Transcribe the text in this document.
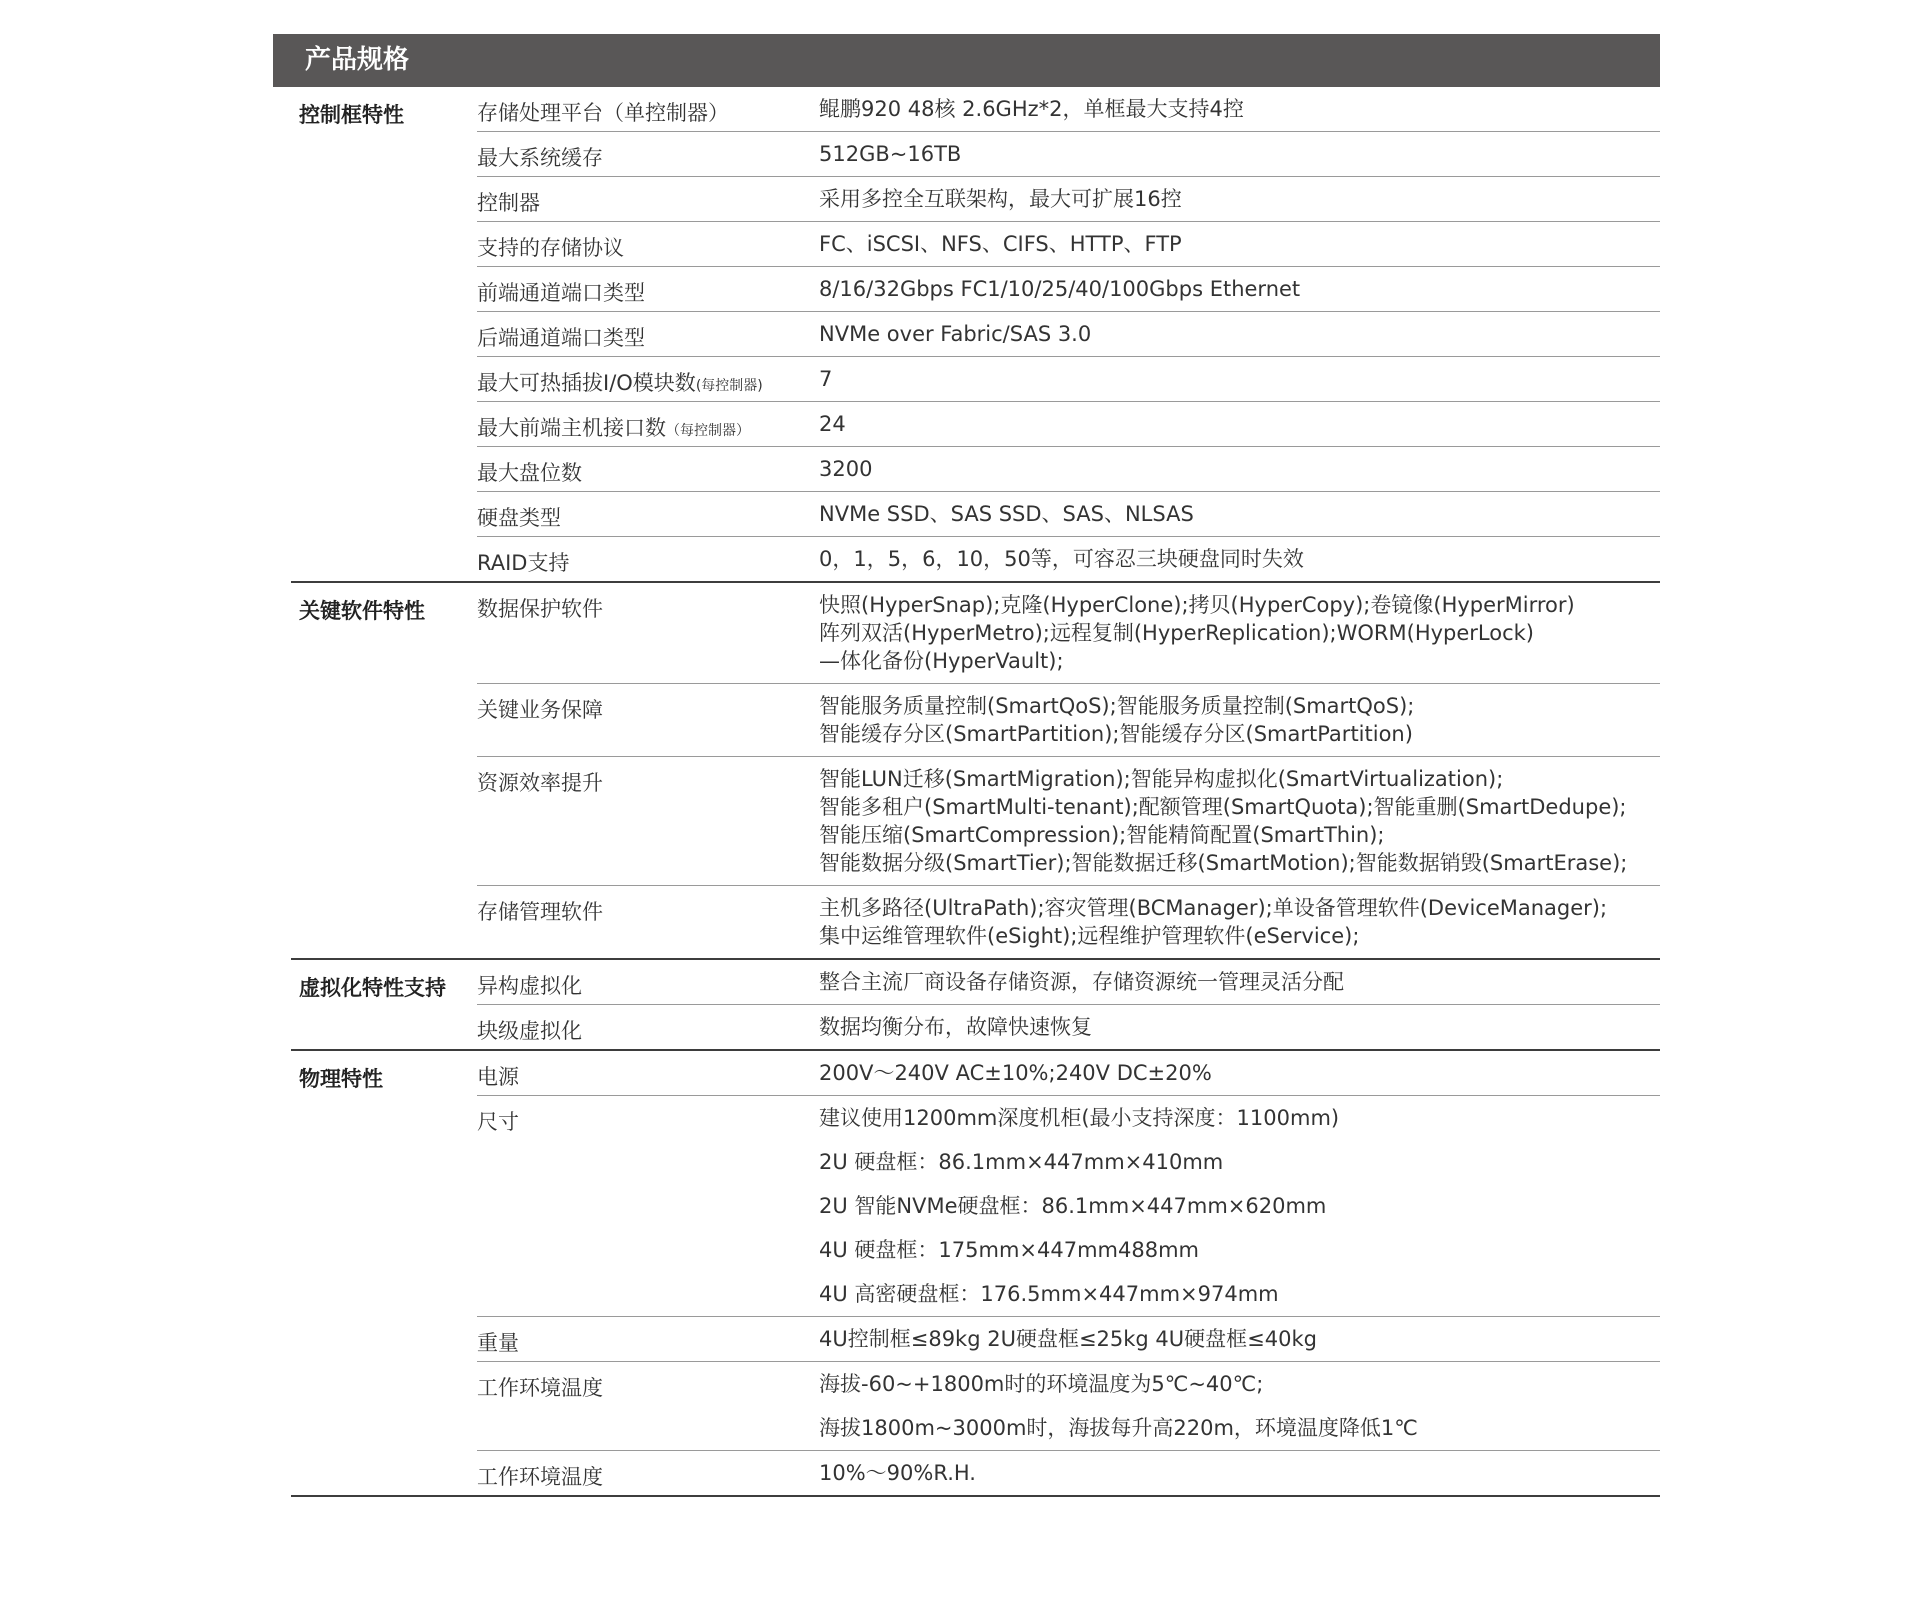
产品规格
控制框特性	存储处理平台（单控制器）	鲲鹏920 48核 2.6GHz*2，单框最大支持4控
最大系统缓存	512GB~16TB
控制器	采用多控全互联架构，最大可扩展16控
支持的存储协议	FC、iSCSI、NFS、CIFS、HTTP、FTP
前端通道端口类型	8/16/32Gbps FC1/10/25/40/100Gbps Ethernet
后端通道端口类型	NVMe over Fabric/SAS 3.0
最大可热插拔I/O模块数(每控制器)	7
最大前端主机接口数（每控制器）	24
最大盘位数	3200
硬盘类型	NVMe SSD、SAS SSD、SAS、NLSAS
RAID支持	0，1，5，6，10，50等，可容忍三块硬盘同时失效
关键软件特性	数据保护软件	快照(HyperSnap);克隆(HyperClone);拷贝(HyperCopy);卷镜像(HyperMirror)
阵列双活(HyperMetro);远程复制(HyperReplication);WORM(HyperLock)
—体化备份(HyperVault);
关键业务保障	智能服务质量控制(SmartQoS);智能服务质量控制(SmartQoS);
智能缓存分区(SmartPartition);智能缓存分区(SmartPartition)
资源效率提升	智能LUN迁移(SmartMigration);智能异构虚拟化(SmartVirtualization);
智能多租户(SmartMulti-tenant);配额管理(SmartQuota);智能重删(SmartDedupe);
智能压缩(SmartCompression);智能精简配置(SmartThin);
智能数据分级(SmartTier);智能数据迁移(SmartMotion);智能数据销毁(SmartErase);
存储管理软件	主机多路径(UltraPath);容灾管理(BCManager);单设备管理软件(DeviceManager);
集中运维管理软件(eSight);远程维护管理软件(eService);
虚拟化特性支持	异构虚拟化	整合主流厂商设备存储资源，存储资源统一管理灵活分配
块级虚拟化	数据均衡分布，故障快速恢复
物理特性	电源	200V～240V AC±10%;240V DC±20%
尺寸	建议使用1200mm深度机柜(最小支持深度：1100mm)
2U 硬盘框：86.1mm×447mm×410mm
2U 智能NVMe硬盘框：86.1mm×447mm×620mm
4U 硬盘框：175mm×447mm488mm
4U 高密硬盘框：176.5mm×447mm×974mm
重量	4U控制框≤89kg 2U硬盘框≤25kg 4U硬盘框≤40kg
工作环境温度	海拔-60~+1800m时的环境温度为5℃~40℃;
海拔1800m~3000m时，海拔每升高220m，环境温度降低1℃
工作环境温度	10%～90%R.H.
